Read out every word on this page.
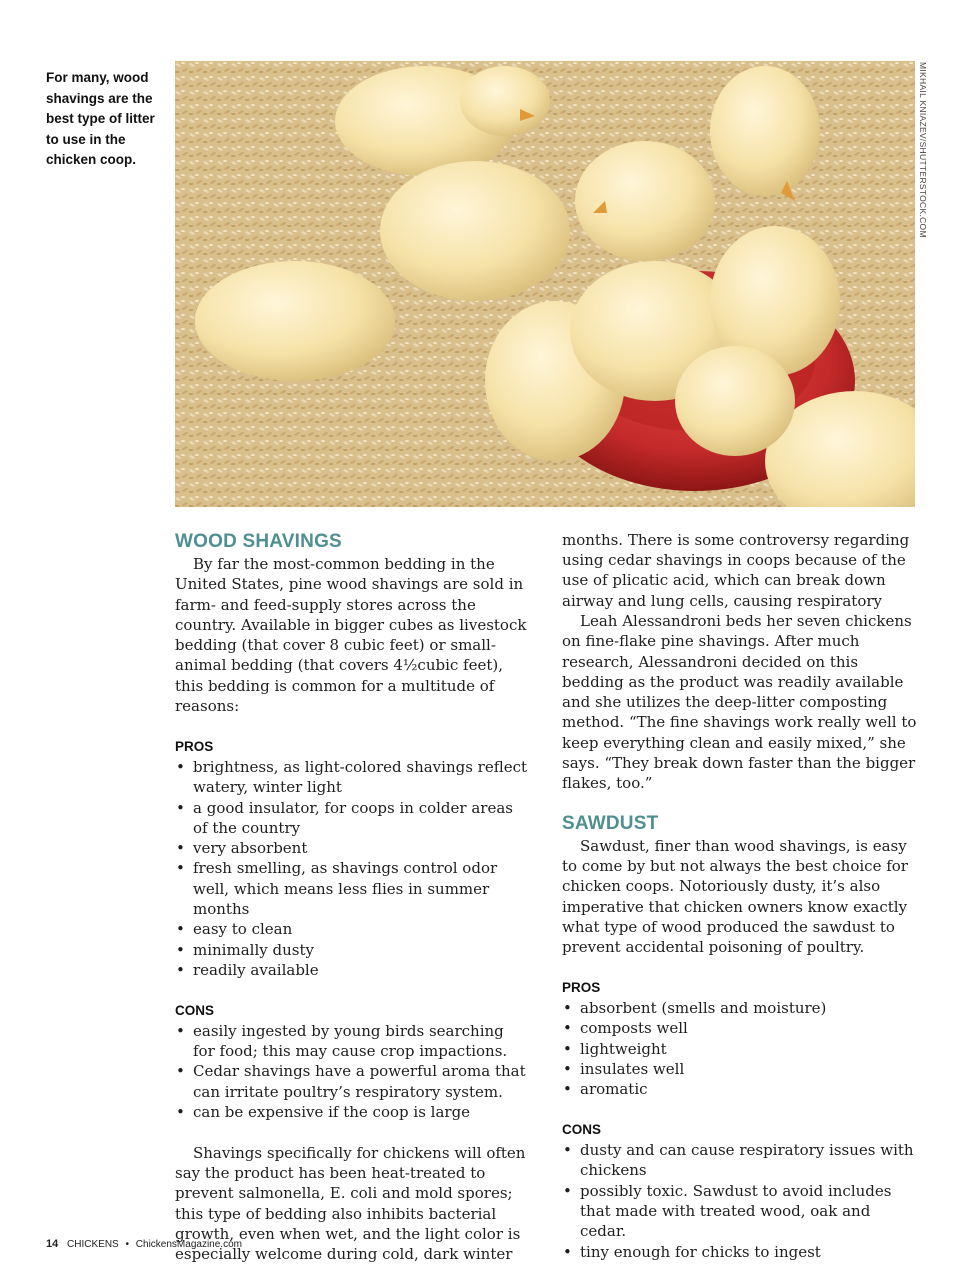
For many, wood shavings are the best type of litter to use in the chicken coop.	MIKHAIL KNIAZEV/SHUTTERSTOCK.COM
WOOD SHAVINGS

By far the most-common bedding in the United States, pine wood shavings are sold in farm- and feed-supply stores across the country. Available in bigger cubes as livestock bedding (that cover 8 cubic feet) or small-animal bedding (that covers 4½cubic feet), this bedding is common for a multitude of reasons:

PROS
• brightness, as light-colored shavings reflect watery, winter light
• a good insulator, for coops in colder areas of the country
• very absorbent
• fresh smelling, as shavings control odor well, which means less flies in summer months
• easy to clean
• minimally dusty
• readily available
CONS
• easily ingested by young birds searching for food; this may cause crop impactions.
• Cedar shavings have a powerful aroma that can irritate poultry’s respiratory system.
• can be expensive if the coop is large

Shavings specifically for chickens will often say the product has been heat-treated to prevent salmonella, E. coli and mold spores; this type of bedding also inhibits bacterial growth, even when wet, and the light color is especially welcome during cold, dark winter

months. There is some controversy regarding using cedar shavings in coops because of the use of plicatic acid, which can break down airway and lung cells, causing respiratory

Leah Alessandroni beds her seven chickens on fine-flake pine shavings. After much research, Alessandroni decided on this bedding as the product was readily available and she utilizes the deep-litter composting method. “The fine shavings work really well to keep everything clean and easily mixed,” she says. “They break down faster than the bigger flakes, too.”

SAWDUST

Sawdust, finer than wood shavings, is easy to come by but not always the best choice for chicken coops. Notoriously dusty, it’s also imperative that chicken owners know exactly what type of wood produced the sawdust to prevent accidental poisoning of poultry.

PROS
• absorbent (smells and moisture)
• composts well
• lightweight
• insulates well
• aromatic
CONS
• dusty and can cause respiratory issues with chickens
• possibly toxic. Sawdust to avoid includes that made with treated wood, oak and cedar.
• tiny enough for chicks to ingest
14 CHICKENS • ChickensMagazine.com
